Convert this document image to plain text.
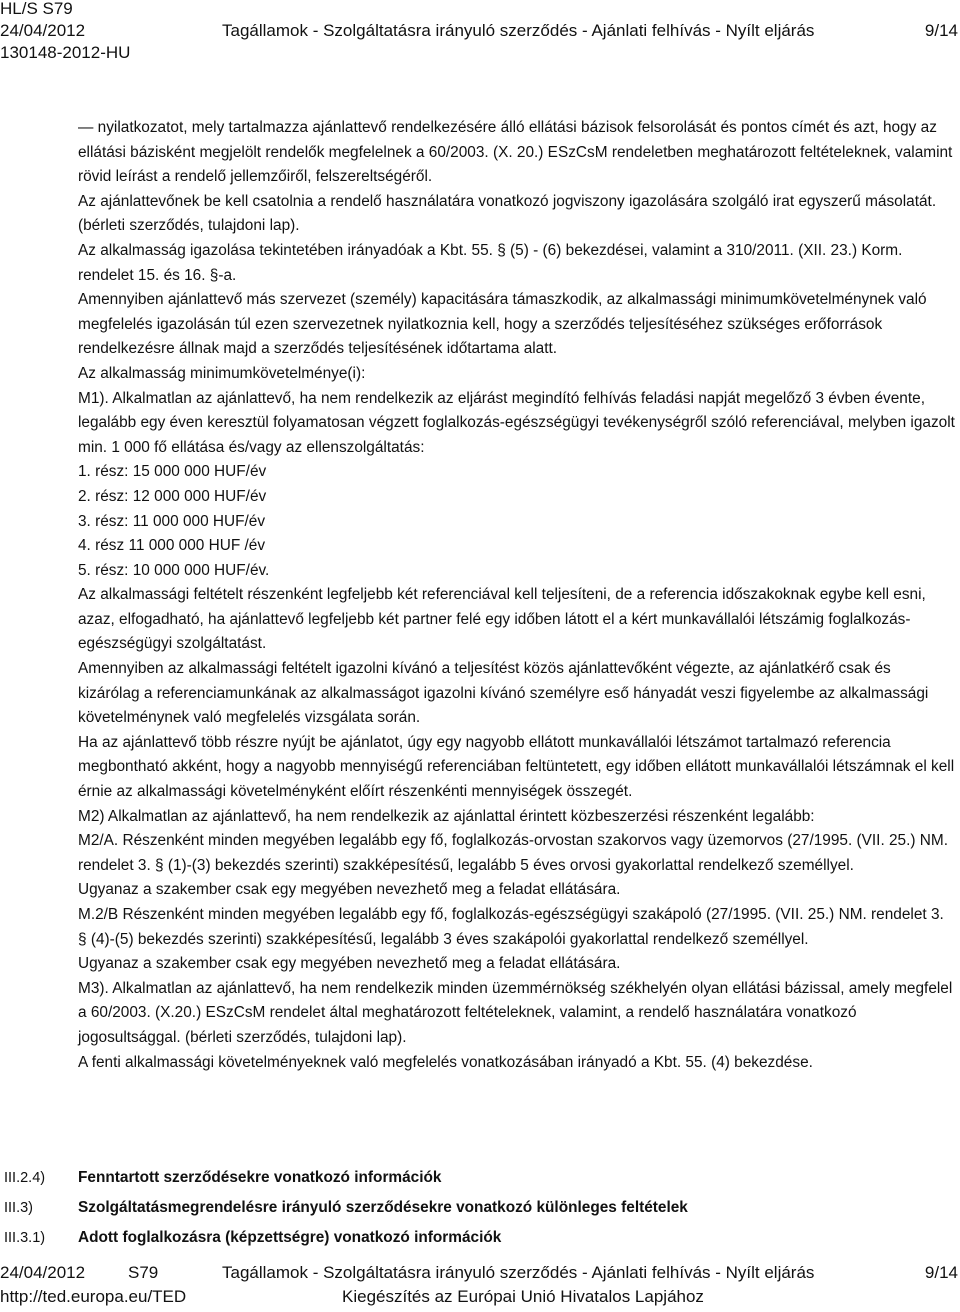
HL/S S79
24/04/2012	Tagállamok - Szolgáltatásra irányuló szerződés - Ajánlati felhívás - Nyílt eljárás	9/14
130148-2012-HU

— nyilatkozatot, mely tartalmazza ajánlattevő rendelkezésére álló ellátási bázisok felsorolását és pontos címét és azt, hogy az ellátási bázisként megjelölt rendelők megfelelnek a 60/2003. (X. 20.) ESzCsM rendeletben meghatározott feltételeknek, valamint rövid leírást a rendelő jellemzőiről, felszereltségéről.

Az ajánlattevőnek be kell csatolnia a rendelő használatára vonatkozó jogviszony igazolására szolgáló irat egyszerű másolatát. (bérleti szerződés, tulajdoni lap).

Az alkalmasság igazolása tekintetében irányadóak a Kbt. 55. § (5) - (6) bekezdései, valamint a 310/2011. (XII. 23.) Korm. rendelet 15. és 16. §-a.

Amennyiben ajánlattevő más szervezet (személy) kapacitására támaszkodik, az alkalmassági minimumkövetelménynek való megfelelés igazolásán túl ezen szervezetnek nyilatkoznia kell, hogy a szerződés teljesítéséhez szükséges erőforrások rendelkezésre állnak majd a szerződés teljesítésének időtartama alatt.

Az alkalmasság minimumkövetelménye(i):

M1). Alkalmatlan az ajánlattevő, ha nem rendelkezik az eljárást megindító felhívás feladási napját megelőző 3 évben évente, legalább egy éven keresztül folyamatosan végzett foglalkozás-egészségügyi tevékenységről szóló referenciával, melyben igazolt min. 1 000 fő ellátása és/vagy az ellenszolgáltatás:

1. rész: 15 000 000 HUF/év

2. rész: 12 000 000 HUF/év

3. rész: 11 000 000 HUF/év

4. rész 11 000 000 HUF /év

5. rész: 10 000 000 HUF/év.

Az alkalmassági feltételt részenként legfeljebb két referenciával kell teljesíteni, de a referencia időszakoknak egybe kell esni, azaz, elfogadható, ha ajánlattevő legfeljebb két partner felé egy időben látott el a kért munkavállalói létszámig foglalkozás-egészségügyi szolgáltatást.

Amennyiben az alkalmassági feltételt igazolni kívánó a teljesítést közös ajánlattevőként végezte, az ajánlatkérő csak és kizárólag a referenciamunkának az alkalmasságot igazolni kívánó személyre eső hányadát veszi figyelembe az alkalmassági követelménynek való megfelelés vizsgálata során.

Ha az ajánlattevő több részre nyújt be ajánlatot, úgy egy nagyobb ellátott munkavállalói létszámot tartalmazó referencia megbontható akként, hogy a nagyobb mennyiségű referenciában feltüntetett, egy időben ellátott munkavállalói létszámnak el kell érnie az alkalmassági követelményként előírt részenkénti mennyiségek összegét.

M2) Alkalmatlan az ajánlattevő, ha nem rendelkezik az ajánlattal érintett közbeszerzési részenként legalább:

M2/A. Részenként minden megyében legalább egy fő, foglalkozás-orvostan szakorvos vagy üzemorvos (27/1995. (VII. 25.) NM. rendelet 3. § (1)-(3) bekezdés szerinti) szakképesítésű, legalább 5 éves orvosi gyakorlattal rendelkező személlyel.

Ugyanaz a szakember csak egy megyében nevezhető meg a feladat ellátására.

M.2/B Részenként minden megyében legalább egy fő, foglalkozás-egészségügyi szakápoló (27/1995. (VII. 25.) NM. rendelet 3. § (4)-(5) bekezdés szerinti) szakképesítésű, legalább 3 éves szakápolói gyakorlattal rendelkező személlyel.

Ugyanaz a szakember csak egy megyében nevezhető meg a feladat ellátására.

M3). Alkalmatlan az ajánlattevő, ha nem rendelkezik minden üzemmérnökség székhelyén olyan ellátási bázissal, amely megfelel a 60/2003. (X.20.) ESzCsM rendelet által meghatározott feltételeknek, valamint, a rendelő használatára vonatkozó jogosultsággal. (bérleti szerződés, tulajdoni lap).

A fenti alkalmassági követelményeknek való megfelelés vonatkozásában irányadó a Kbt. 55. (4) bekezdése.

III.2.4) Fenntartott szerződésekre vonatkozó információk
III.3)	Szolgáltatásmegrendelésre irányuló szerződésekre vonatkozó különleges feltételek
III.3.1) Adott foglalkozásra (képzettségre) vonatkozó információk
24/04/2012	S79	Tagállamok - Szolgáltatásra irányuló szerződés - Ajánlati felhívás - Nyílt eljárás	9/14
http://ted.europa.eu/TED	Kiegészítés az Európai Unió Hivatalos Lapjához
